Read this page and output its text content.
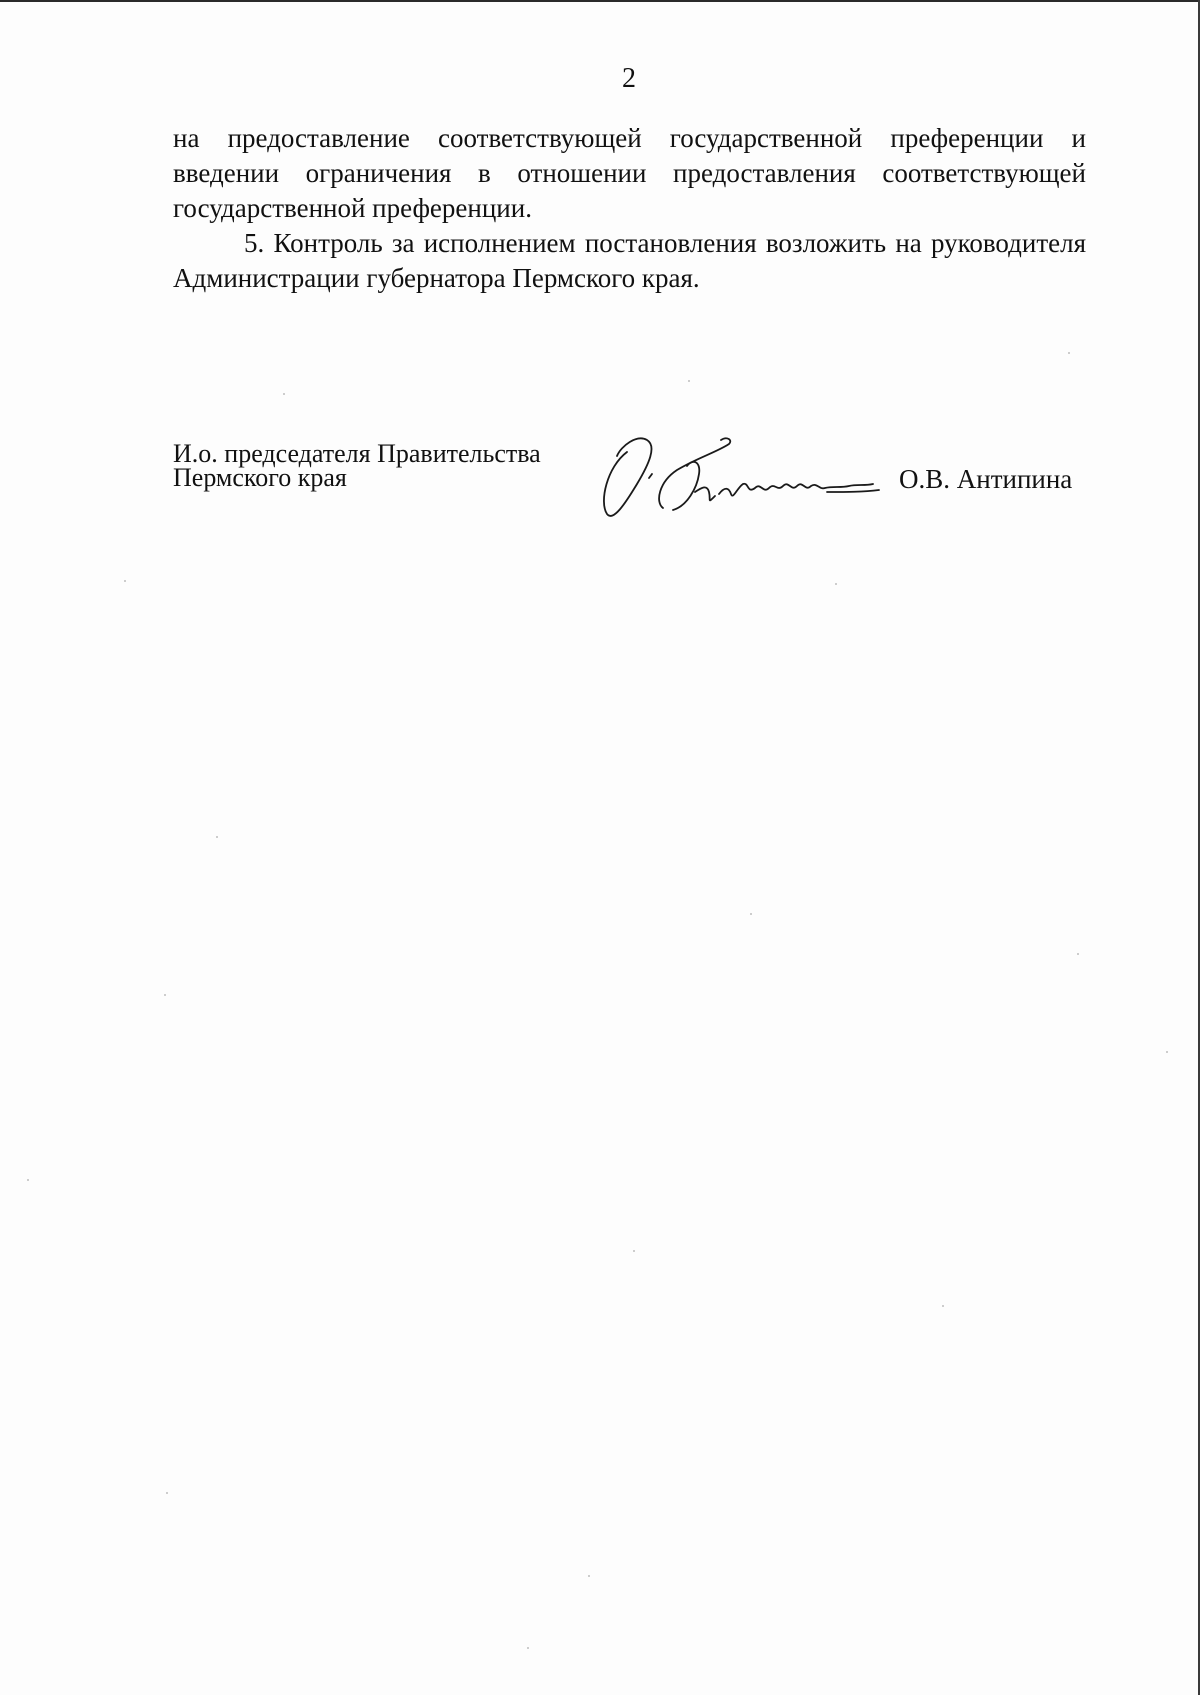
2

на предоставление соответствующей государственной преференции и введении ограничения в отношении предоставления соответствующей государственной преференции.

5. Контроль за исполнением постановления возложить на руководителя Администрации губернатора Пермского края.

И.о. председателя Правительства
Пермского края	О.В. Антипина
